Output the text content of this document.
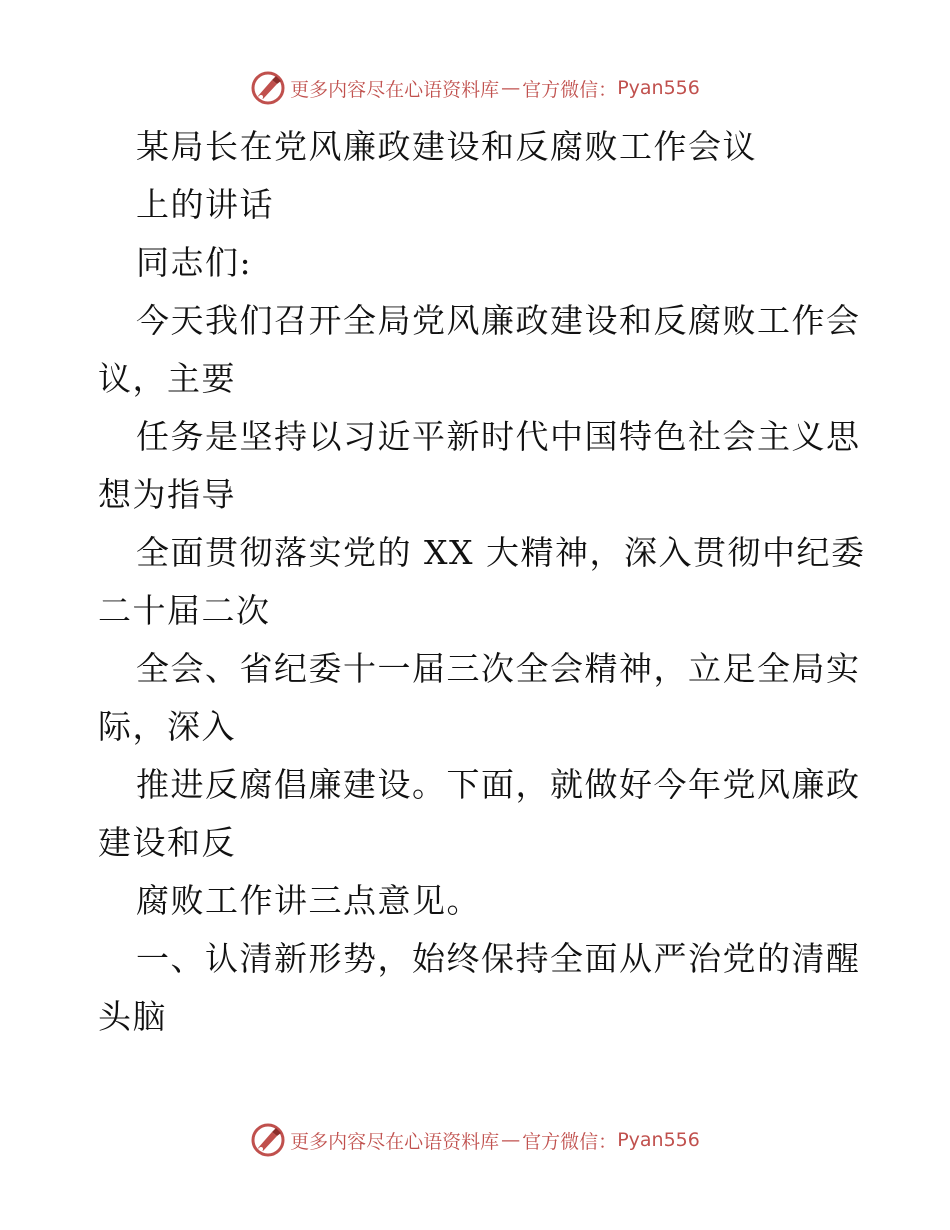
更多内容尽在心语资料库 — 官方微信： Pyan556
某局长在党风廉政建设和反腐败工作会议
上的讲话
同志们:
今天我们召开全局党风廉政建设和反腐败工作会
议，主要
任务是坚持以习近平新时代中国特色社会主义思
想为指导
全面贯彻落实党的 XX 大精神，深入贯彻中纪委
二十届二次
全会、省纪委十一届三次全会精神，立足全局实
际，深入
推进反腐倡廉建设。下面，就做好今年党风廉政
建设和反
腐败工作讲三点意见。
一、认清新形势，始终保持全面从严治党的清醒
头脑
更多内容尽在心语资料库 — 官方微信： Pyan556
